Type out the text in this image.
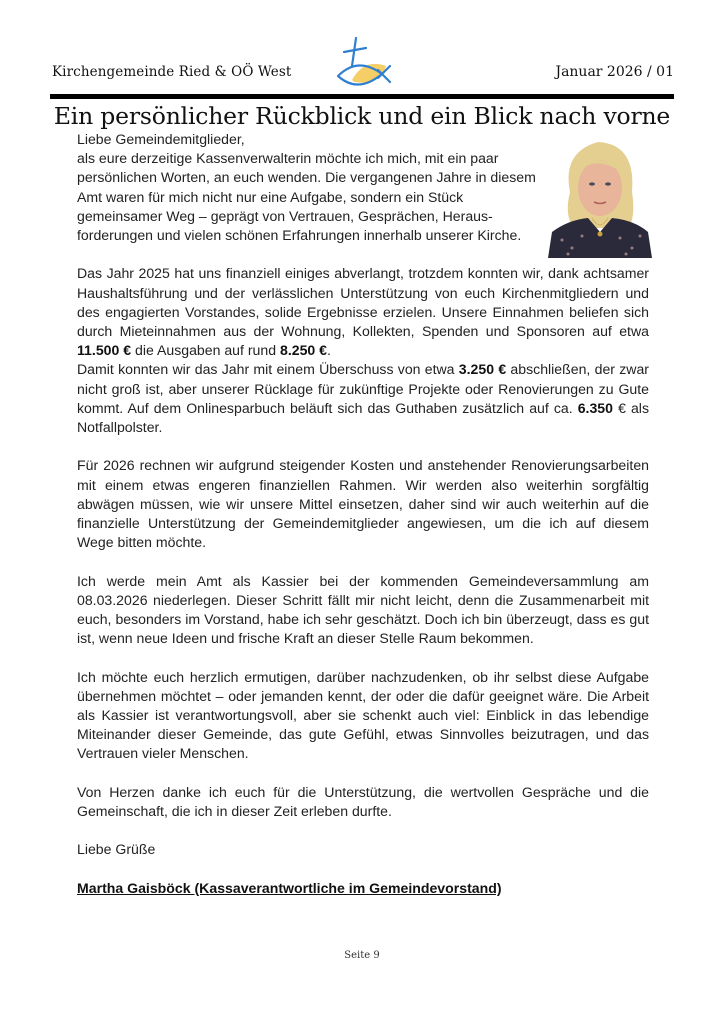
Kirchengemeinde Ried & OÖ West	Januar 2026 / 01
Ein persönlicher Rückblick und ein Blick nach vorne

Liebe Gemeindemitglieder,

als eure derzeitige Kassenverwalterin möchte ich mich, mit ein paar persönlichen Worten, an euch wenden. Die vergangenen Jahre in diesem Amt waren für mich nicht nur eine Aufgabe, sondern ein Stück gemeinsamer Weg – geprägt von Vertrauen, Gesprächen, Heraus-forderungen und vielen schönen Erfahrungen innerhalb unserer Kirche.

Das Jahr 2025 hat uns finanziell einiges abverlangt, trotzdem konnten wir, dank achtsamer Haushaltsführung und der verlässlichen Unterstützung von euch Kirchenmitgliedern und des engagierten Vorstandes, solide Ergebnisse erzielen. Unsere Einnahmen beliefen sich durch Mieteinnahmen aus der Wohnung, Kollekten, Spenden und Sponsoren auf etwa 11.500 € die Ausgaben auf rund 8.250 €.

Damit konnten wir das Jahr mit einem Überschuss von etwa 3.250 € abschließen, der zwar nicht groß ist, aber unserer Rücklage für zukünftige Projekte oder Renovierungen zu Gute kommt. Auf dem Onlinesparbuch beläuft sich das Guthaben zusätzlich auf ca. 6.350 € als Notfallpolster.

Für 2026 rechnen wir aufgrund steigender Kosten und anstehender Renovierungsarbeiten mit einem etwas engeren finanziellen Rahmen. Wir werden also weiterhin sorgfältig abwägen müssen, wie wir unsere Mittel einsetzen, daher sind wir auch weiterhin auf die finanzielle Unterstützung der Gemeindemitglieder angewiesen, um die ich auf diesem Wege bitten möchte.

Ich werde mein Amt als Kassier bei der kommenden Gemeindeversammlung am 08.03.2026 niederlegen. Dieser Schritt fällt mir nicht leicht, denn die Zusammenarbeit mit euch, besonders im Vorstand, habe ich sehr geschätzt. Doch ich bin überzeugt, dass es gut ist, wenn neue Ideen und frische Kraft an dieser Stelle Raum bekommen.

Ich möchte euch herzlich ermutigen, darüber nachzudenken, ob ihr selbst diese Aufgabe übernehmen möchtet – oder jemanden kennt, der oder die dafür geeignet wäre. Die Arbeit als Kassier ist verantwortungsvoll, aber sie schenkt auch viel: Einblick in das lebendige Miteinander dieser Gemeinde, das gute Gefühl, etwas Sinnvolles beizutragen, und das Vertrauen vieler Menschen.

Von Herzen danke ich euch für die Unterstützung, die wertvollen Gespräche und die Gemeinschaft, die ich in dieser Zeit erleben durfte.

Liebe Grüße

Martha Gaisböck (Kassaverantwortliche im Gemeindevorstand)

Seite 9
